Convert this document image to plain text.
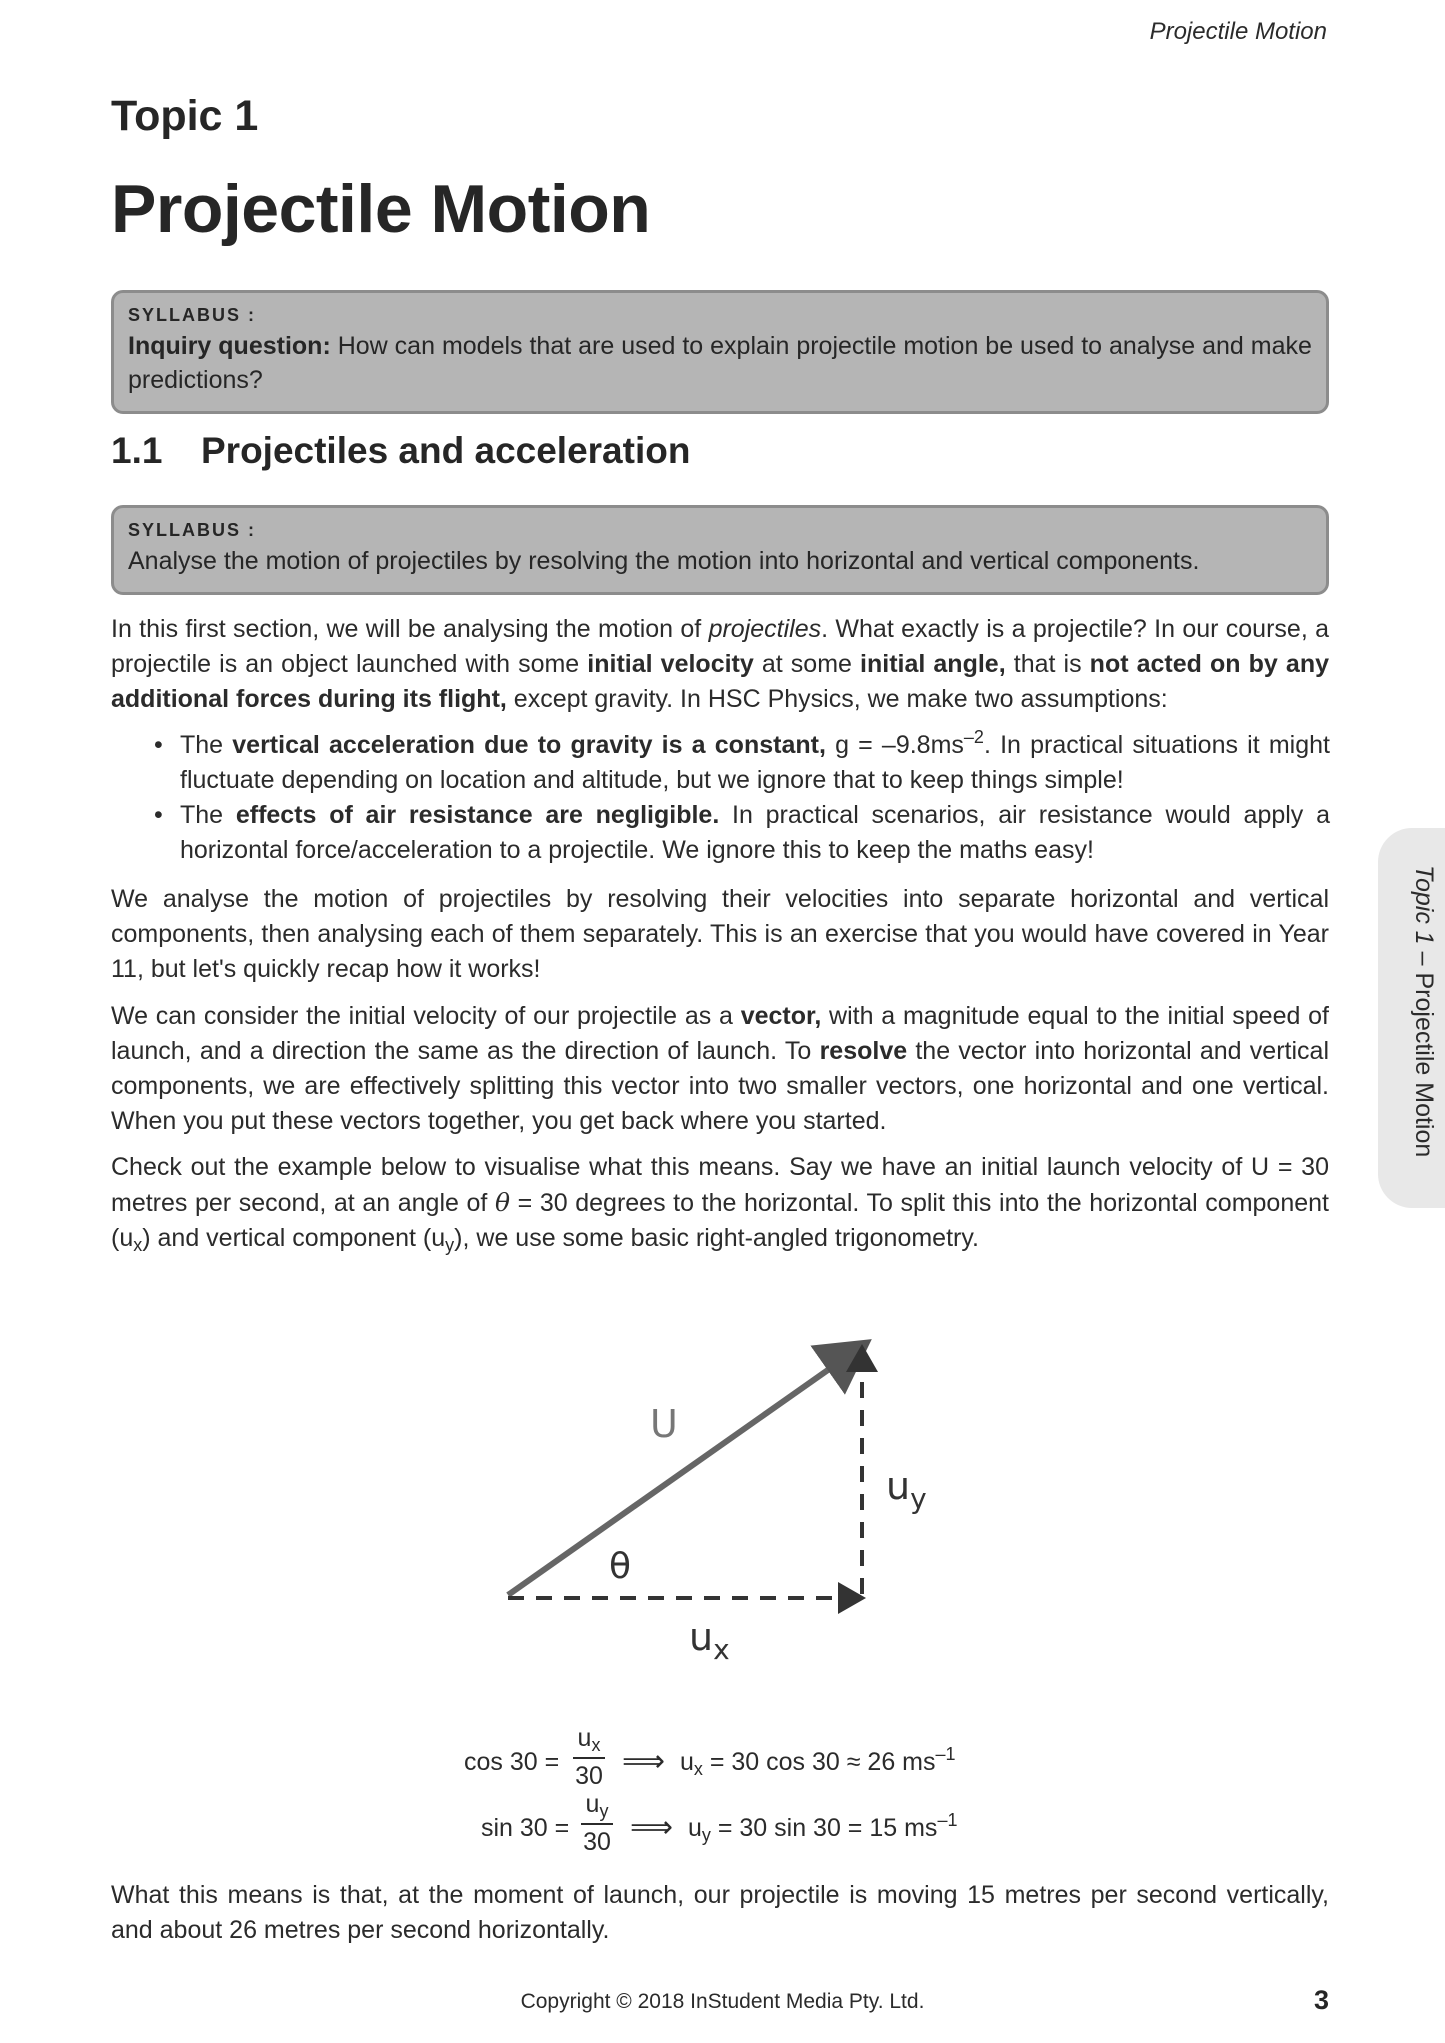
Projectile Motion
Topic 1
Projectile Motion
SYLLABUS :
Inquiry question: How can models that are used to explain projectile motion be used to analyse and make predictions?
1.1 Projectiles and acceleration
SYLLABUS :
Analyse the motion of projectiles by resolving the motion into horizontal and vertical components.
In this first section, we will be analysing the motion of projectiles. What exactly is a projectile? In our course, a projectile is an object launched with some initial velocity at some initial angle, that is not acted on by any additional forces during its flight, except gravity. In HSC Physics, we make two assumptions:
• The vertical acceleration due to gravity is a constant, $g = -9.8ms^{-2}$. In practical situations it might fluctuate depending on location and altitude, but we ignore that to keep things simple!
• The effects of air resistance are negligible. In practical scenarios, air resistance would apply a horizontal force/acceleration to a projectile. We ignore this to keep the maths easy!
We analyse the motion of projectiles by resolving their velocities into separate horizontal and vertical components, then analysing each of them separately. This is an exercise that you would have covered in Year 11, but let's quickly recap how it works!
We can consider the initial velocity of our projectile as a vector, with a magnitude equal to the initial speed of launch, and a direction the same as the direction of launch. To resolve the vector into horizontal and vertical components, we are effectively splitting this vector into two smaller vectors, one horizontal and one vertical. When you put these vectors together, you get back where you started.
Check out the example below to visualise what this means. Say we have an initial launch velocity of U = 30 metres per second, at an angle of θ = 30 degrees to the horizontal. To split this into the horizontal component $(u_x)$ and vertical component $(u_y)$, we use some basic right-angled trigonometry.
U
θ
$u_x$
$u_y$
cos 30 =
$u_x$
30 ⟹ $u_x = 30$ cos 30 ≈ 26 $ms^{-1}$
sin 30 =
$u_y$
30 ⟹ $u_y = 30$ sin 30 = 15 $ms^{-1}$
What this means is that, at the moment of launch, our projectile is moving 15 metres per second vertically, and about 26 metres per second horizontally.
Topic 1 – Projectile Motion
Copyright © 2018 InStudent Media Pty. Ltd.	3
